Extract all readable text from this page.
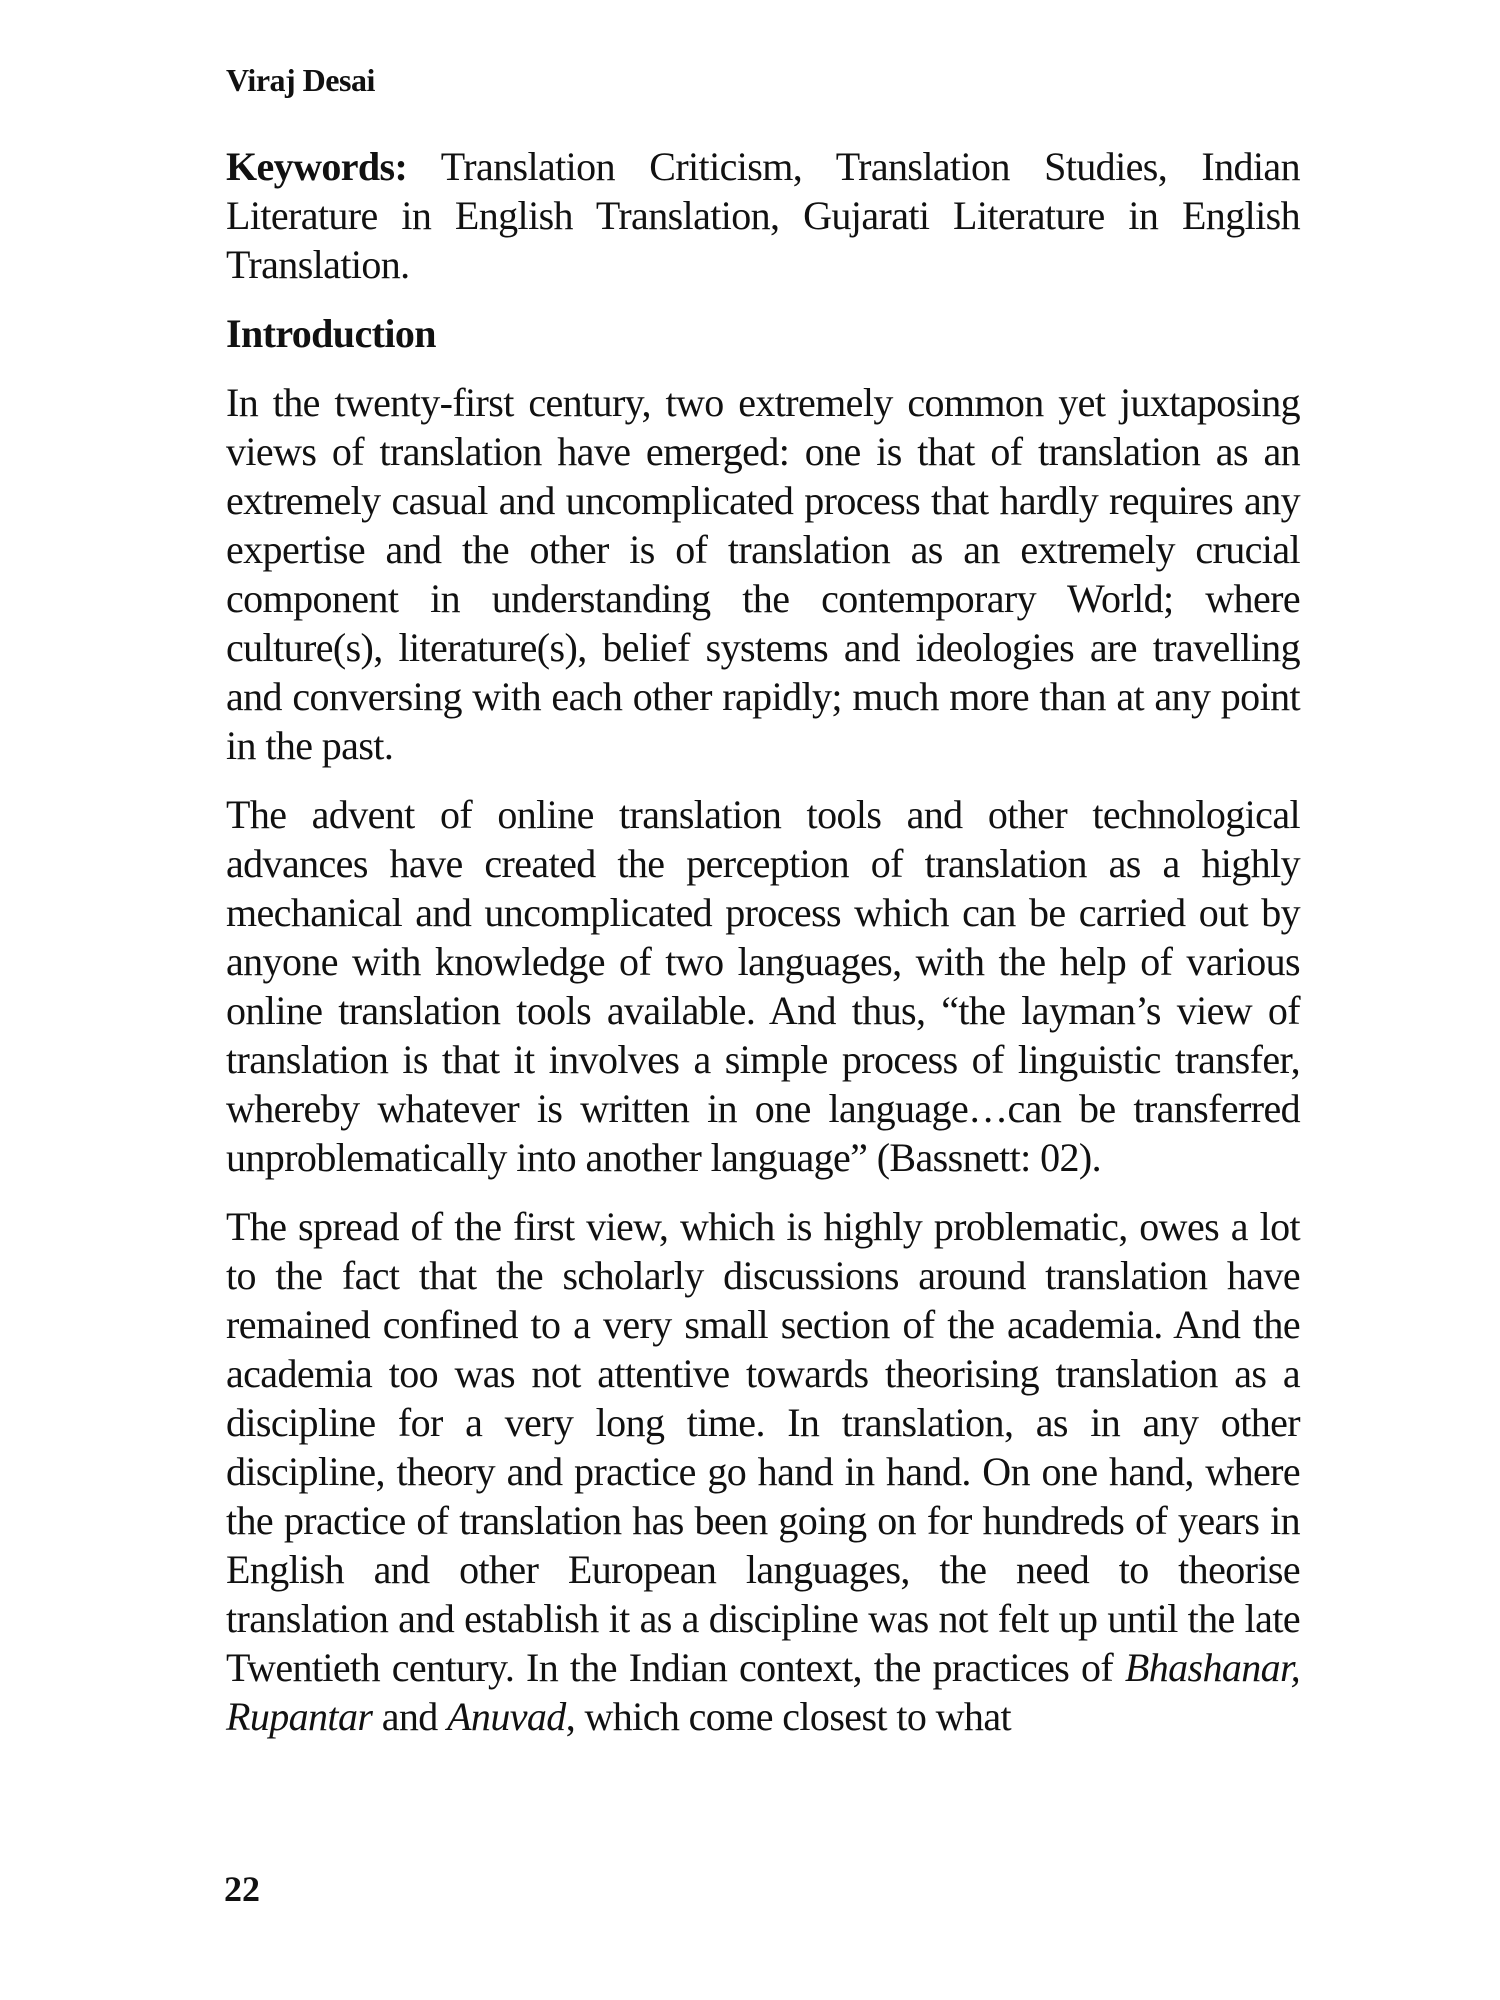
Viraj Desai

Keywords: Translation Criticism, Translation Studies, Indian Literature in English Translation, Gujarati Literature in English Translation.

Introduction

In the twenty-first century, two extremely common yet juxtaposing views of translation have emerged: one is that of translation as an extremely casual and uncomplicated process that hardly requires any expertise and the other is of translation as an extremely crucial component in understanding the contemporary World; where culture(s), literature(s), belief systems and ideologies are travelling and conversing with each other rapidly; much more than at any point in the past.

The advent of online translation tools and other technological advances have created the perception of translation as a highly mechanical and uncomplicated process which can be carried out by anyone with knowledge of two languages, with the help of various online translation tools available. And thus, “the layman’s view of translation is that it involves a simple process of linguistic transfer, whereby whatever is written in one language…can be transferred unproblematically into another language” (Bassnett: 02).

The spread of the first view, which is highly problematic, owes a lot to the fact that the scholarly discussions around translation have remained confined to a very small section of the academia. And the academia too was not attentive towards theorising translation as a discipline for a very long time. In translation, as in any other discipline, theory and practice go hand in hand. On one hand, where the practice of translation has been going on for hundreds of years in English and other European languages, the need to theorise translation and establish it as a discipline was not felt up until the late Twentieth century. In the Indian context, the practices of Bhashanar, Rupantar and Anuvad, which come closest to what

22
